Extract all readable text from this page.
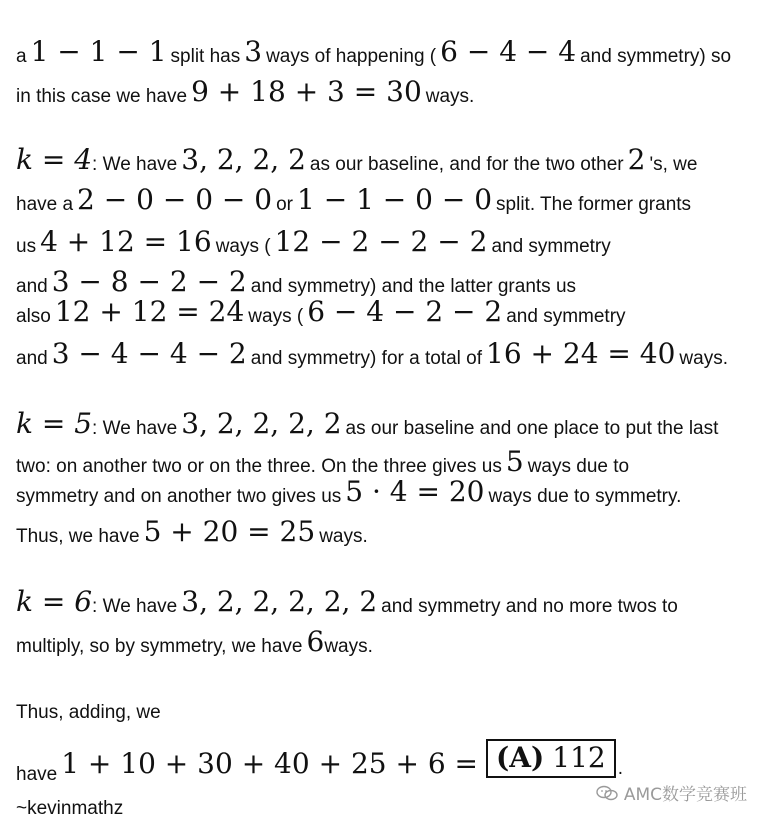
a 1 − 1 − 1 split has 3 ways of happening ( 6 − 4 − 4 and symmetry) so
in this case we have 9 + 18 + 3 = 30 ways.
k = 4 : We have 3, 2, 2, 2 as our baseline, and for the two other 2 's, we
have a 2 − 0 − 0 − 0 or 1 − 1 − 0 − 0 split. The former grants
us 4 + 12 = 16 ways ( 12 − 2 − 2 − 2 and symmetry
and 3 − 8 − 2 − 2 and symmetry) and the latter grants us
also 12 + 12 = 24 ways ( 6 − 4 − 2 − 2 and symmetry
and 3 − 4 − 4 − 2 and symmetry) for a total of 16 + 24 = 40 ways.
k = 5 : We have 3, 2, 2, 2, 2 as our baseline and one place to put the last
two: on another two or on the three. On the three gives us 5 ways due to
symmetry and on another two gives us 5 · 4 = 20 ways due to symmetry.
Thus, we have 5 + 20 = 25 ways.
k = 6 : We have 3, 2, 2, 2, 2, 2 and symmetry and no more twos to
multiply, so by symmetry, we have 6 ways.
Thus, adding, we
have 1 + 10 + 30 + 40 + 25 + 6 = (A) 112 .
~kevinmathz
AMC数学竞赛班
